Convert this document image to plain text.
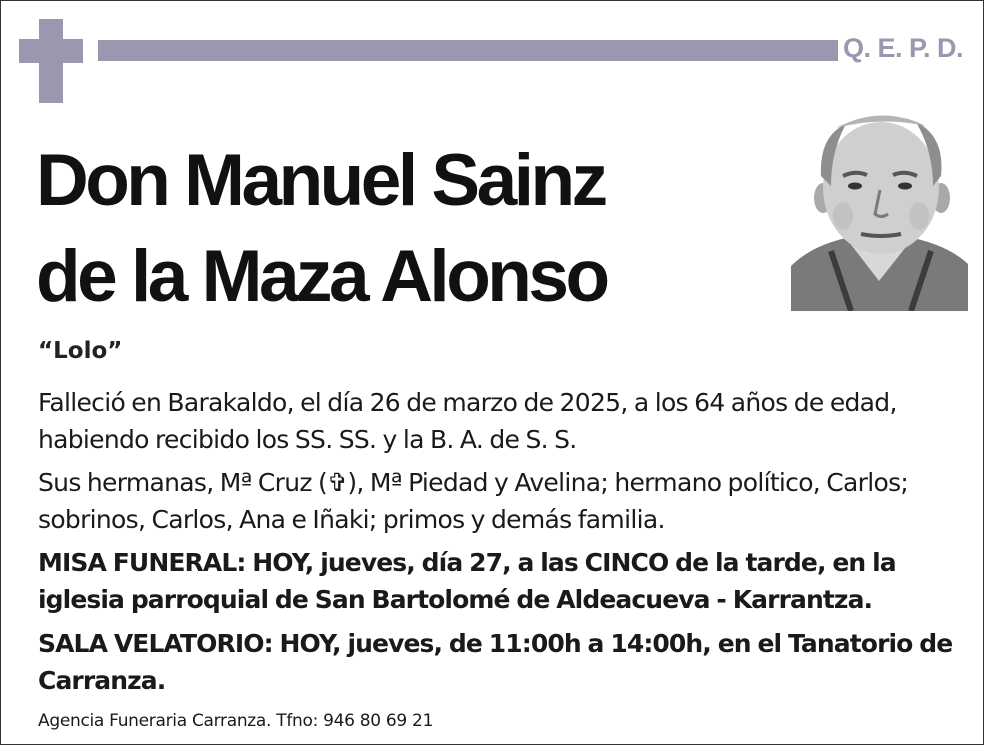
Q. E. P. D.
Don Manuel Sainz
de la Maza Alonso
“Lolo”
Falleció en Barakaldo, el día 26 de marzo de 2025, a los 64 años de edad, habiendo recibido los SS. SS. y la B. A. de S. S.
Sus hermanas, Mª Cruz (✞), Mª Piedad y Avelina; hermano político, Carlos; sobrinos, Carlos, Ana e Iñaki; primos y demás familia.
MISA FUNERAL: HOY, jueves, día 27, a las CINCO de la tarde, en la iglesia parroquial de San Bartolomé de Aldeacueva - Karrantza.
SALA VELATORIO: HOY, jueves, de 11:00h a 14:00h, en el Tanatorio de Carranza.
Agencia Funeraria Carranza. Tfno: 946 80 69 21
